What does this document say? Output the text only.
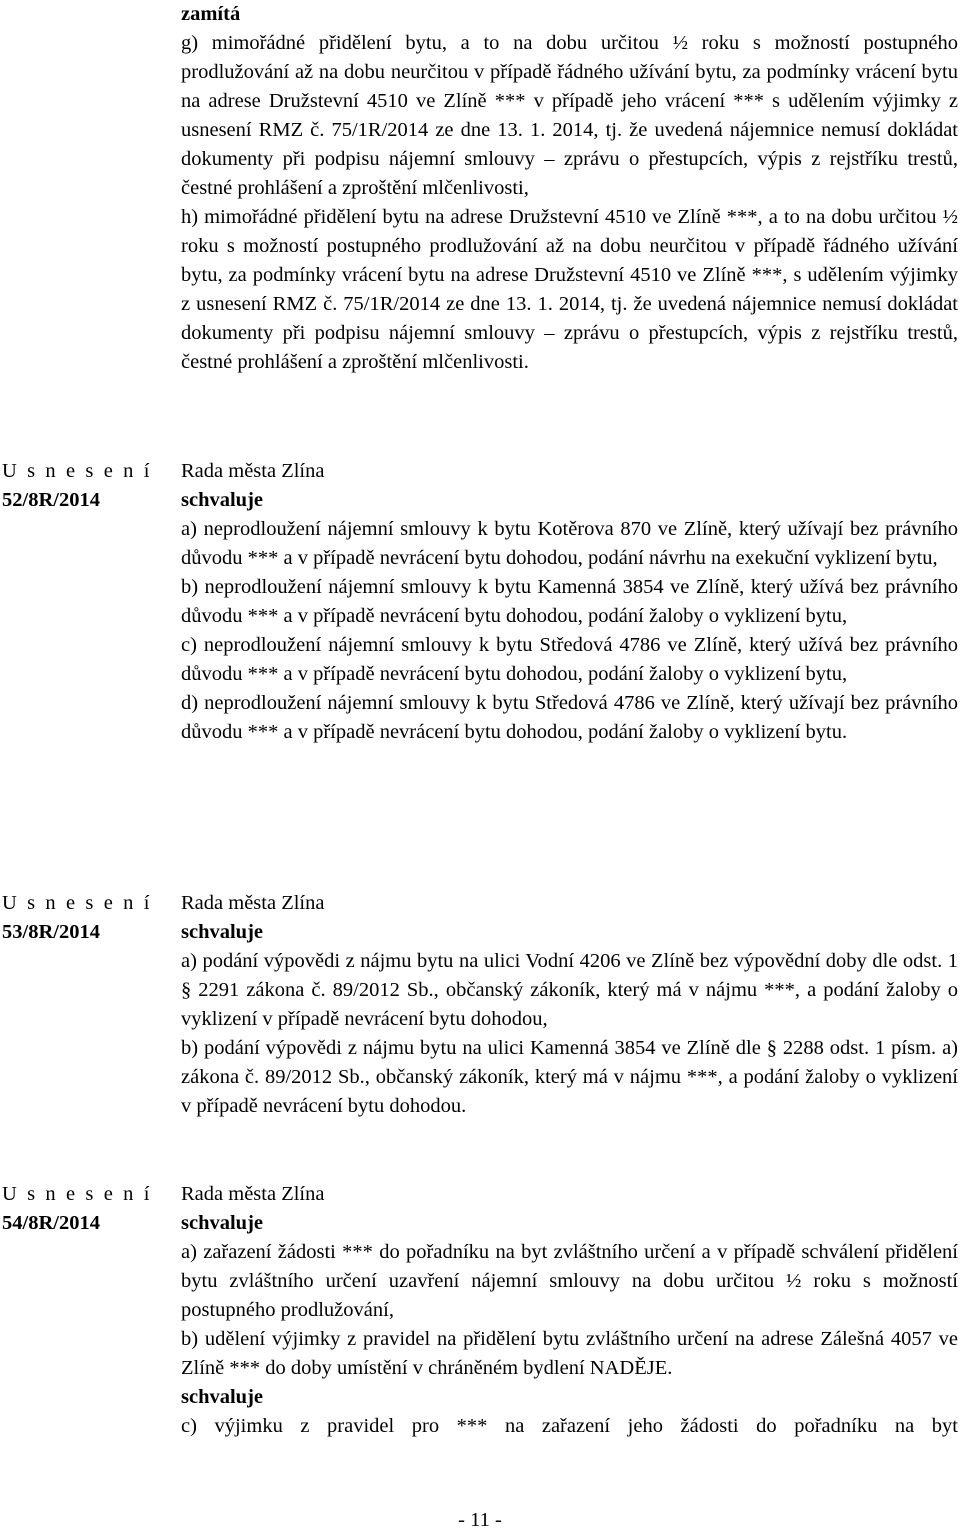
zamítá
g) mimořádné přidělení bytu, a to na dobu určitou ½ roku s možností postupného prodlužování až na dobu neurčitou v případě řádného užívání bytu, za podmínky vrácení bytu na adrese Družstevní 4510 ve Zlíně *** v případě jeho vrácení *** s udělením výjimky z usnesení RMZ č. 75/1R/2014 ze dne 13. 1. 2014, tj. že uvedená nájemnice nemusí dokládat dokumenty při podpisu nájemní smlouvy – zprávu o přestupcích, výpis z rejstříku trestů, čestné prohlášení a zproštění mlčenlivosti,
h) mimořádné přidělení bytu na adrese Družstevní 4510 ve Zlíně ***, a to na dobu určitou ½ roku s možností postupného prodlužování až na dobu neurčitou v případě řádného užívání bytu, za podmínky vrácení bytu na adrese Družstevní 4510 ve Zlíně ***, s udělením výjimky z usnesení RMZ č. 75/1R/2014 ze dne 13. 1. 2014, tj. že uvedená nájemnice nemusí dokládat dokumenty při podpisu nájemní smlouvy – zprávu o přestupcích, výpis z rejstříku trestů, čestné prohlášení a zproštění mlčenlivosti.
U s n e s e n í
52/8R/2014
Rada města Zlína
schvaluje
a) neprodloužení nájemní smlouvy k bytu Kotěrova 870 ve Zlíně, který užívají bez právního důvodu *** a v případě nevrácení bytu dohodou, podání návrhu na exekuční vyklizení bytu,
b) neprodloužení nájemní smlouvy k bytu Kamenná 3854 ve Zlíně, který užívá bez právního důvodu *** a v případě nevrácení bytu dohodou, podání žaloby o vyklizení bytu,
c) neprodloužení nájemní smlouvy k bytu Středová 4786 ve Zlíně, který užívá bez právního důvodu *** a v případě nevrácení bytu dohodou, podání žaloby o vyklizení bytu,
d) neprodloužení nájemní smlouvy k bytu Středová 4786 ve Zlíně, který užívají bez právního důvodu *** a v případě nevrácení bytu dohodou, podání žaloby o vyklizení bytu.
U s n e s e n í
53/8R/2014
Rada města Zlína
schvaluje
a) podání výpovědi z nájmu bytu na ulici Vodní 4206 ve Zlíně bez výpovědní doby dle odst. 1 § 2291 zákona č. 89/2012 Sb., občanský zákoník, který má v nájmu ***, a podání žaloby o vyklizení v případě nevrácení bytu dohodou,
b) podání výpovědi z nájmu bytu na ulici Kamenná 3854 ve Zlíně dle § 2288 odst. 1 písm. a) zákona č. 89/2012 Sb., občanský zákoník, který má v nájmu ***, a podání žaloby o vyklizení v případě nevrácení bytu dohodou.
U s n e s e n í
54/8R/2014
Rada města Zlína
schvaluje
a) zařazení žádosti *** do pořadníku na byt zvláštního určení a v případě schválení přidělení bytu zvláštního určení uzavření nájemní smlouvy na dobu určitou ½ roku s možností postupného prodlužování,
b) udělení výjimky z pravidel na přidělení bytu zvláštního určení na adrese Zálešná 4057 ve Zlíně *** do doby umístění v chráněném bydlení NADĚJE.
schvaluje
c) výjimku z pravidel pro *** na zařazení jeho žádosti do pořadníku na byt
- 11 -
